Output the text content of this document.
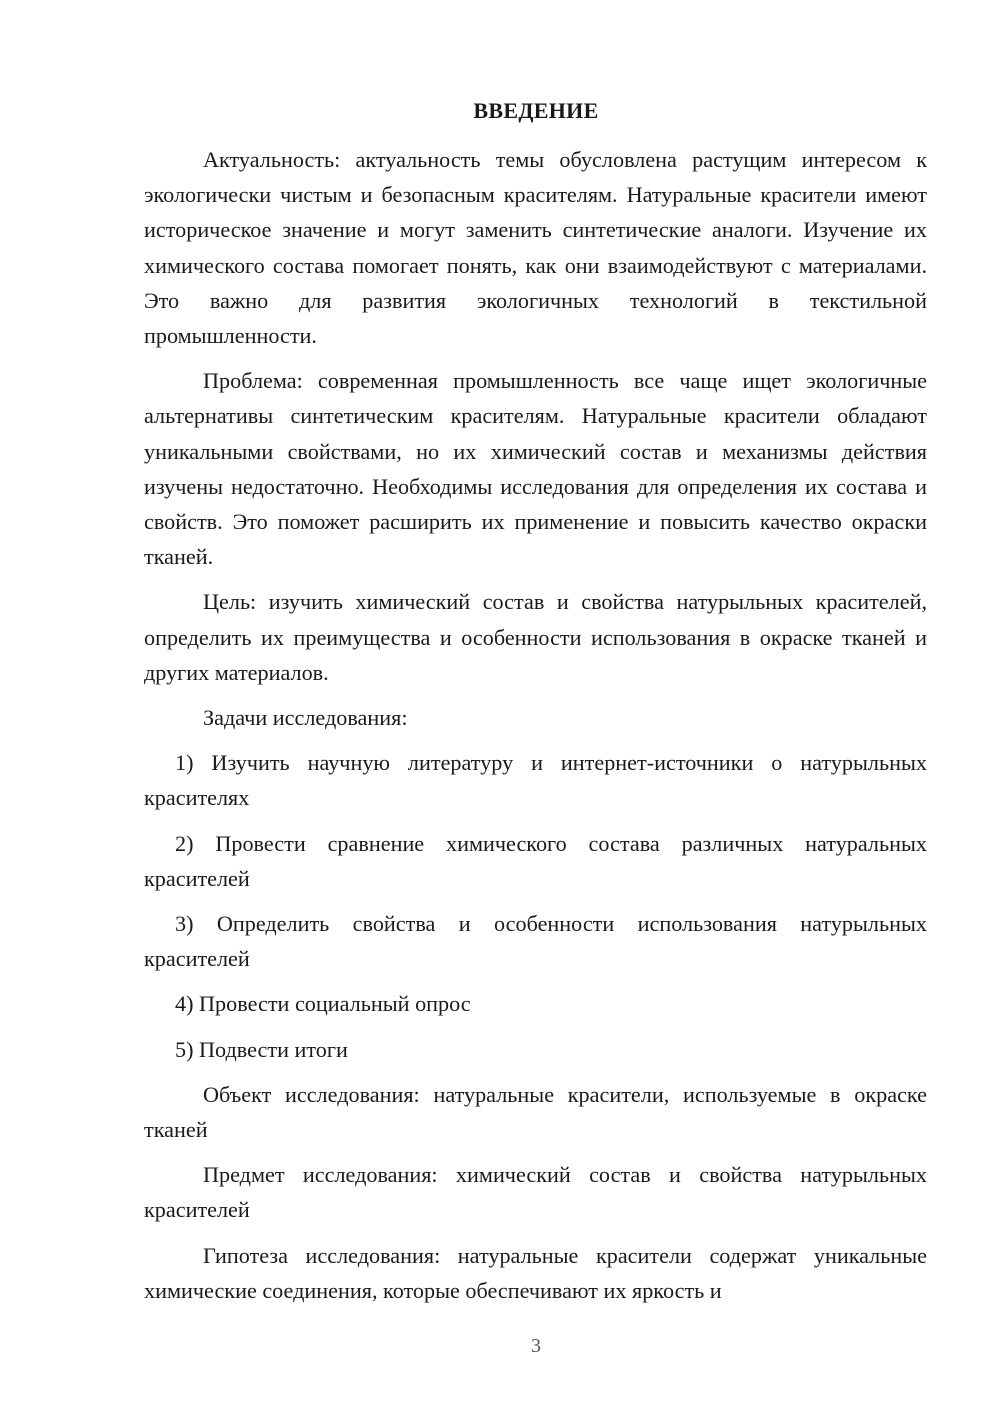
ВВЕДЕНИЕ

Актуальность: актуальность темы обусловлена растущим интересом к экологически чистым и безопасным красителям. Натуральные красители имеют историческое значение и могут заменить синтетические аналоги. Изучение их химического состава помогает понять, как они взаимодействуют с материалами. Это важно для развития экологичных технологий в текстильной промышленности.

Проблема: современная промышленность все чаще ищет экологичные альтернативы синтетическим красителям. Натуральные красители обладают уникальными свойствами, но их химический состав и механизмы действия изучены недостаточно. Необходимы исследования для определения их состава и свойств. Это поможет расширить их применение и повысить качество окраски тканей.

Цель: изучить химический состав и свойства натурыльных красителей, определить их преимущества и особенности использования в окраске тканей и других материалов.

Задачи исследования:

1) Изучить научную литературу и интернет-источники о натурыльных красителях

2) Провести сравнение химического состава различных натуральных красителей

3) Определить свойства и особенности использования натурыльных красителей

4) Провести социальный опрос

5) Подвести итоги

Объект исследования: натуральные красители, используемые в окраске тканей

Предмет исследования: химический состав и свойства натурыльных красителей

Гипотеза исследования: натуральные красители содержат уникальные химические соединения, которые обеспечивают их яркость и

3
